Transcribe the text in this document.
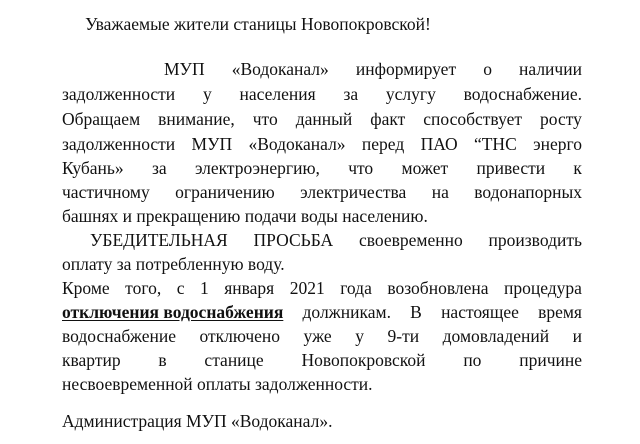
Уважаемые жители станицы Новопокровской!
МУП «Водоканал» информирует о наличии
задолженности у населения за услугу водоснабжение.
Обращаем внимание, что данный факт способствует росту
задолженности МУП «Водоканал» перед ПАО “ТНС энерго
Кубань» за электроэнергию, что может привести к
частичному ограничению электричества на водонапорных
башнях и прекращению подачи воды населению.
УБЕДИТЕЛЬНАЯ ПРОСЬБА своевременно производить
оплату за потребленную воду.
Кроме того, с 1 января 2021 года возобновлена процедура
отключения водоснабжения должникам. В настоящее время
водоснабжение отключено уже у 9-ти домовладений и
квартир в станице Новопокровской по причине
несвоевременной оплаты задолженности.
Администрация МУП «Водоканал».
